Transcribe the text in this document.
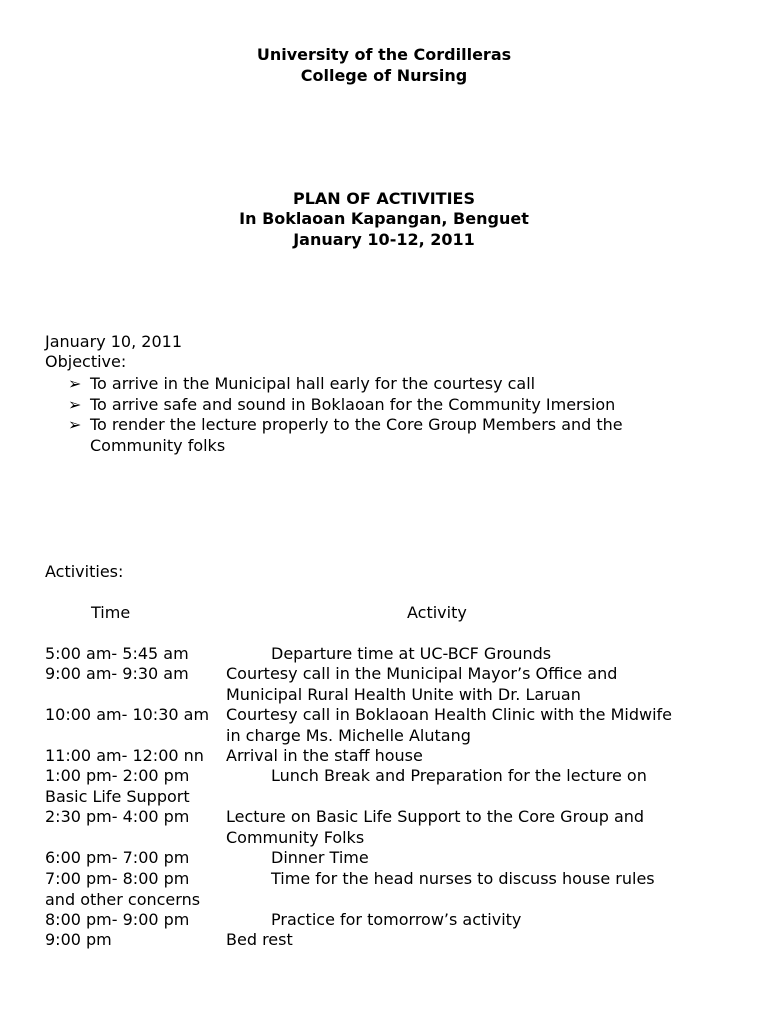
University of the Cordilleras
College of Nursing
PLAN OF ACTIVITIES
In Boklaoan Kapangan, Benguet
January 10-12, 2011
January 10, 2011
Objective:
➢ To arrive in the Municipal hall early for the courtesy call
➢ To arrive safe and sound in Boklaoan for the Community Imersion
➢ To render the lecture properly to the Core Group Members and the
Community folks
Activities:
Time	Activity
5:00 am- 5:45 am	Departure time at UC-BCF Grounds
9:00 am- 9:30 am Courtesy call in the Municipal Mayor’s Office and
Municipal Rural Health Unite with Dr. Laruan
10:00 am- 10:30 am Courtesy call in Boklaoan Health Clinic with the Midwife
in charge Ms. Michelle Alutang
11:00 am- 12:00 nn Arrival in the staff house
1:00 pm- 2:00 pm	Lunch Break and Preparation for the lecture on
Basic Life Support
2:30 pm- 4:00 pm Lecture on Basic Life Support to the Core Group and
Community Folks
6:00 pm- 7:00 pm	Dinner Time
7:00 pm- 8:00 pm	Time for the head nurses to discuss house rules
and other concerns
8:00 pm- 9:00 pm	Practice for tomorrow’s activity
9:00 pm	Bed rest
